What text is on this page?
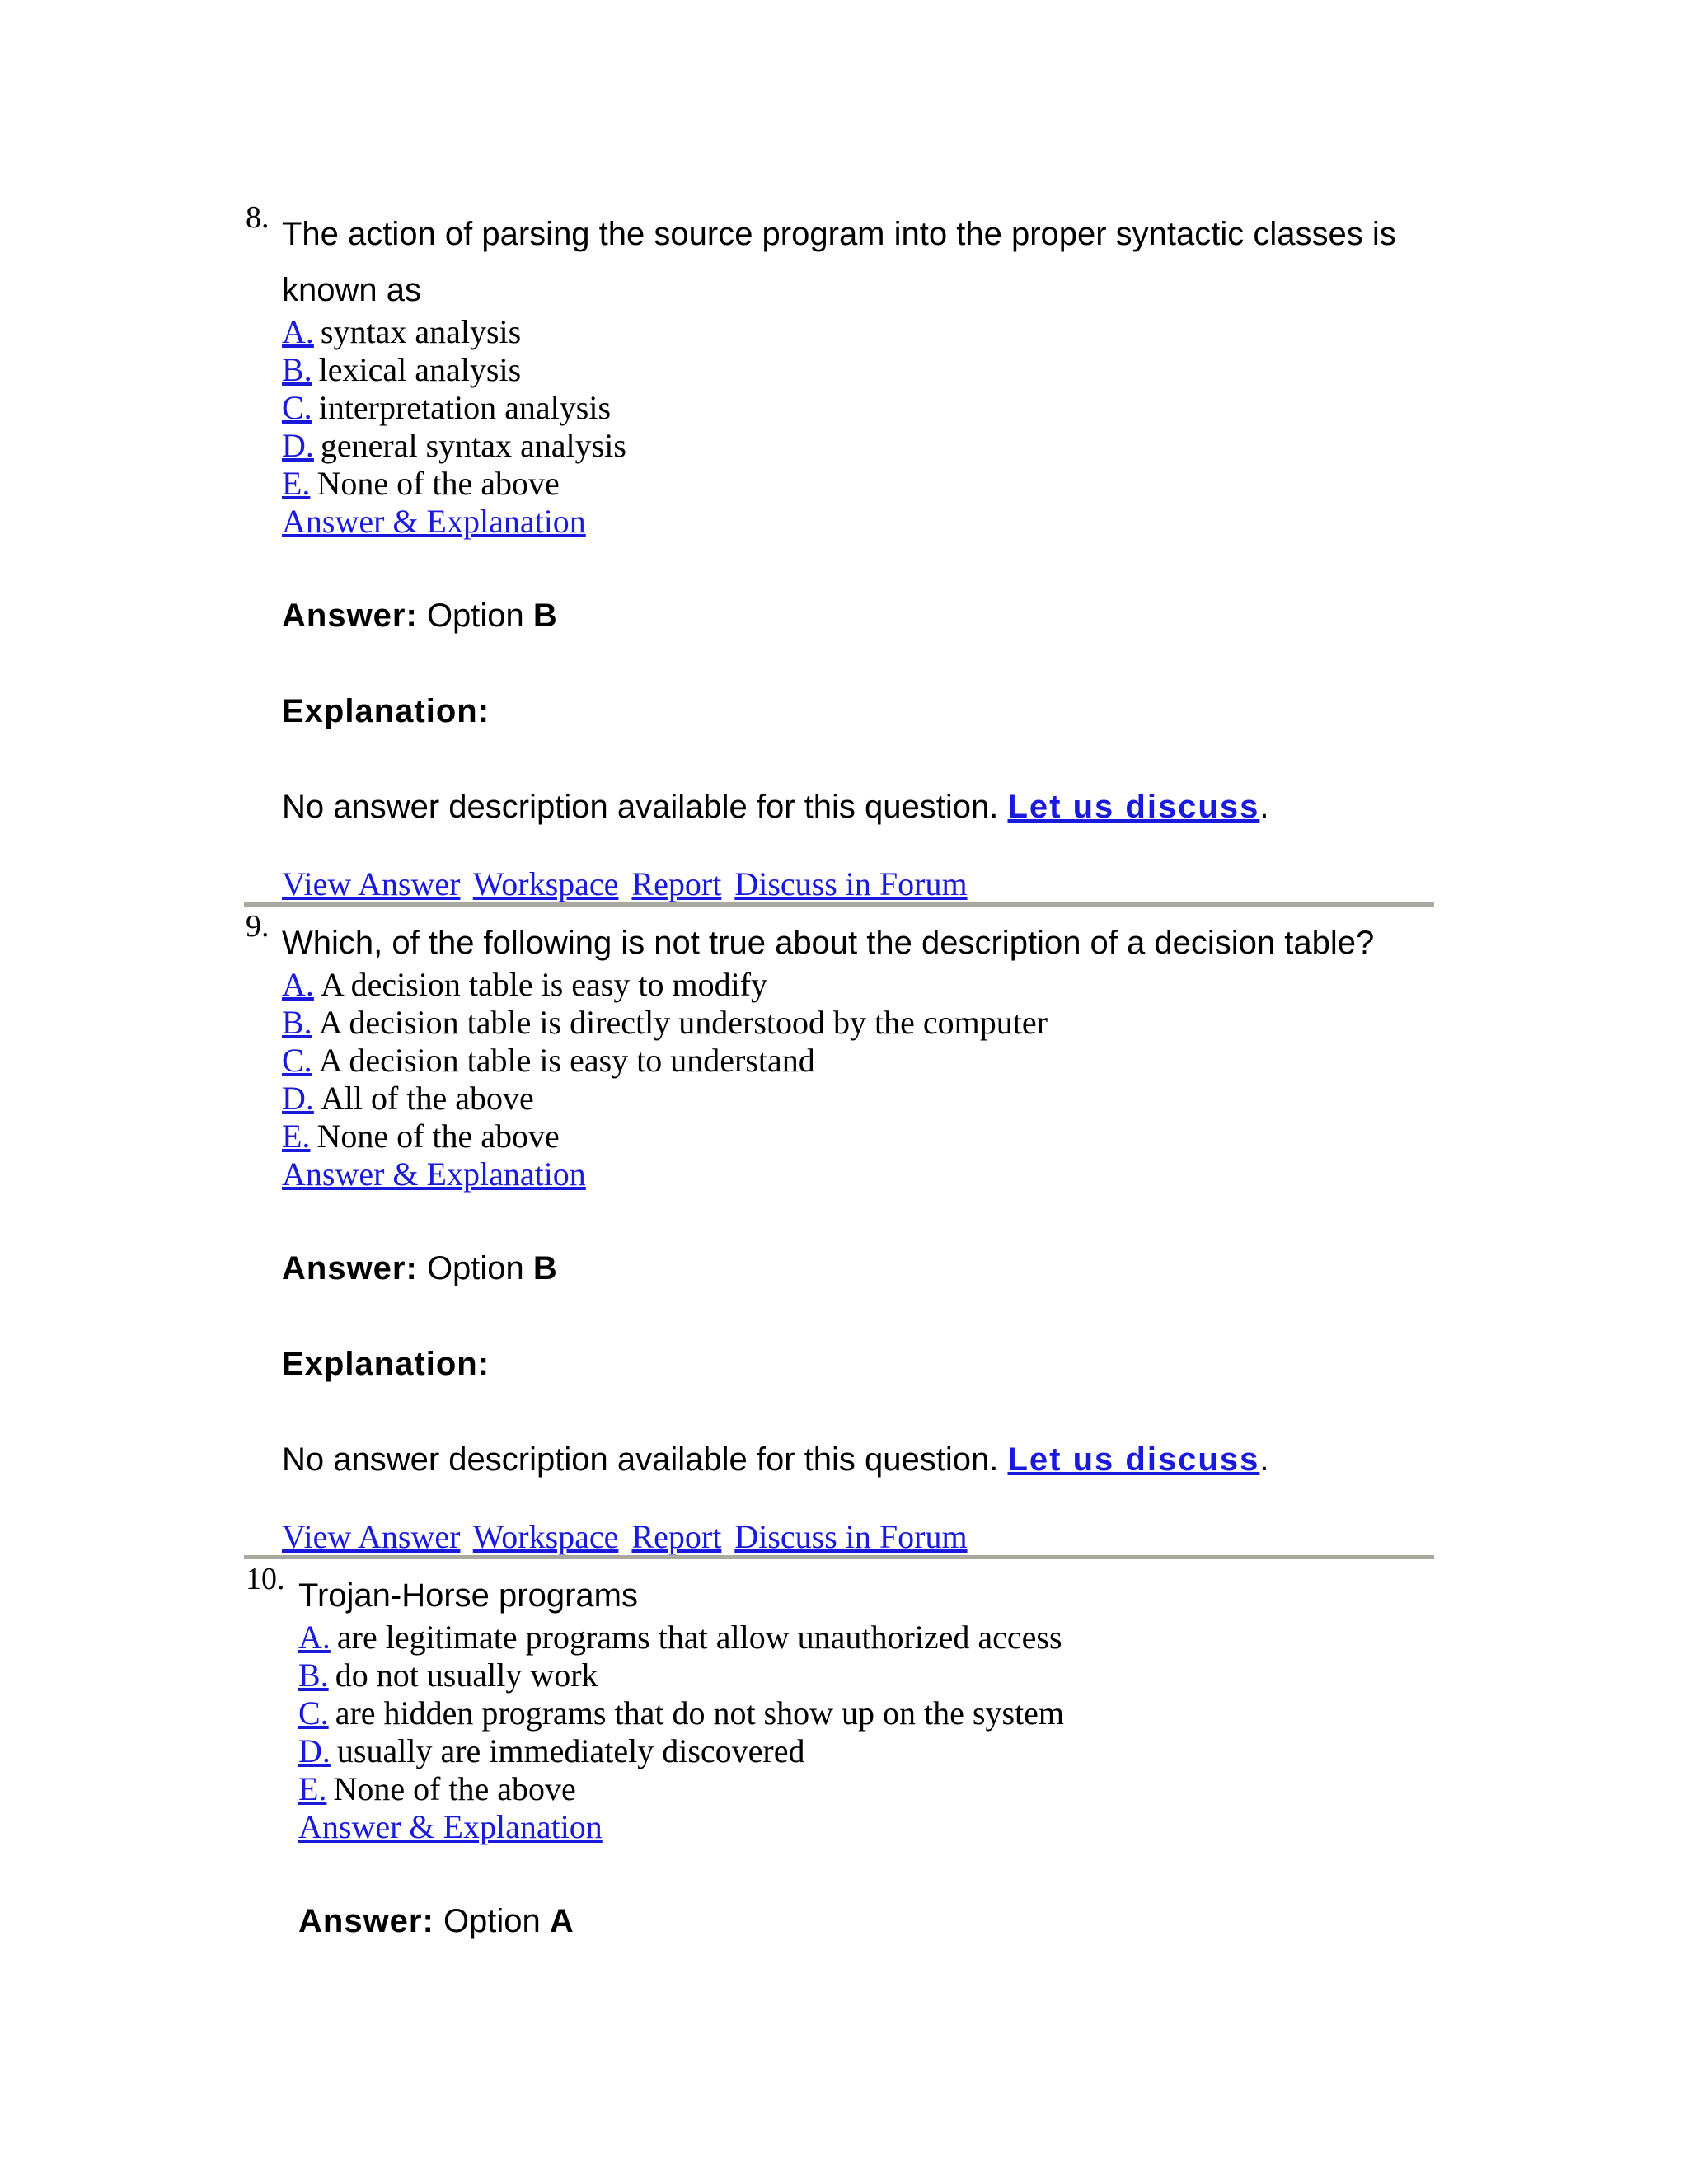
8. The action of parsing the source program into the proper syntactic classes is known as

A. syntax analysis
B. lexical analysis
C. interpretation analysis
D. general syntax analysis
E. None of the above
Answer & Explanation
Answer: Option B
Explanation:

No answer description available for this question. Let us discuss.

View Answer Workspace Report Discuss in Forum
9. Which, of the following is not true about the description of a decision table?

A. A decision table is easy to modify
B. A decision table is directly understood by the computer
C. A decision table is easy to understand
D. All of the above
E. None of the above
Answer & Explanation
Answer: Option B
Explanation:

No answer description available for this question. Let us discuss.

View Answer Workspace Report Discuss in Forum
10. Trojan-Horse programs

A. are legitimate programs that allow unauthorized access
B. do not usually work
C. are hidden programs that do not show up on the system
D. usually are immediately discovered
E. None of the above
Answer & Explanation
Answer: Option A
